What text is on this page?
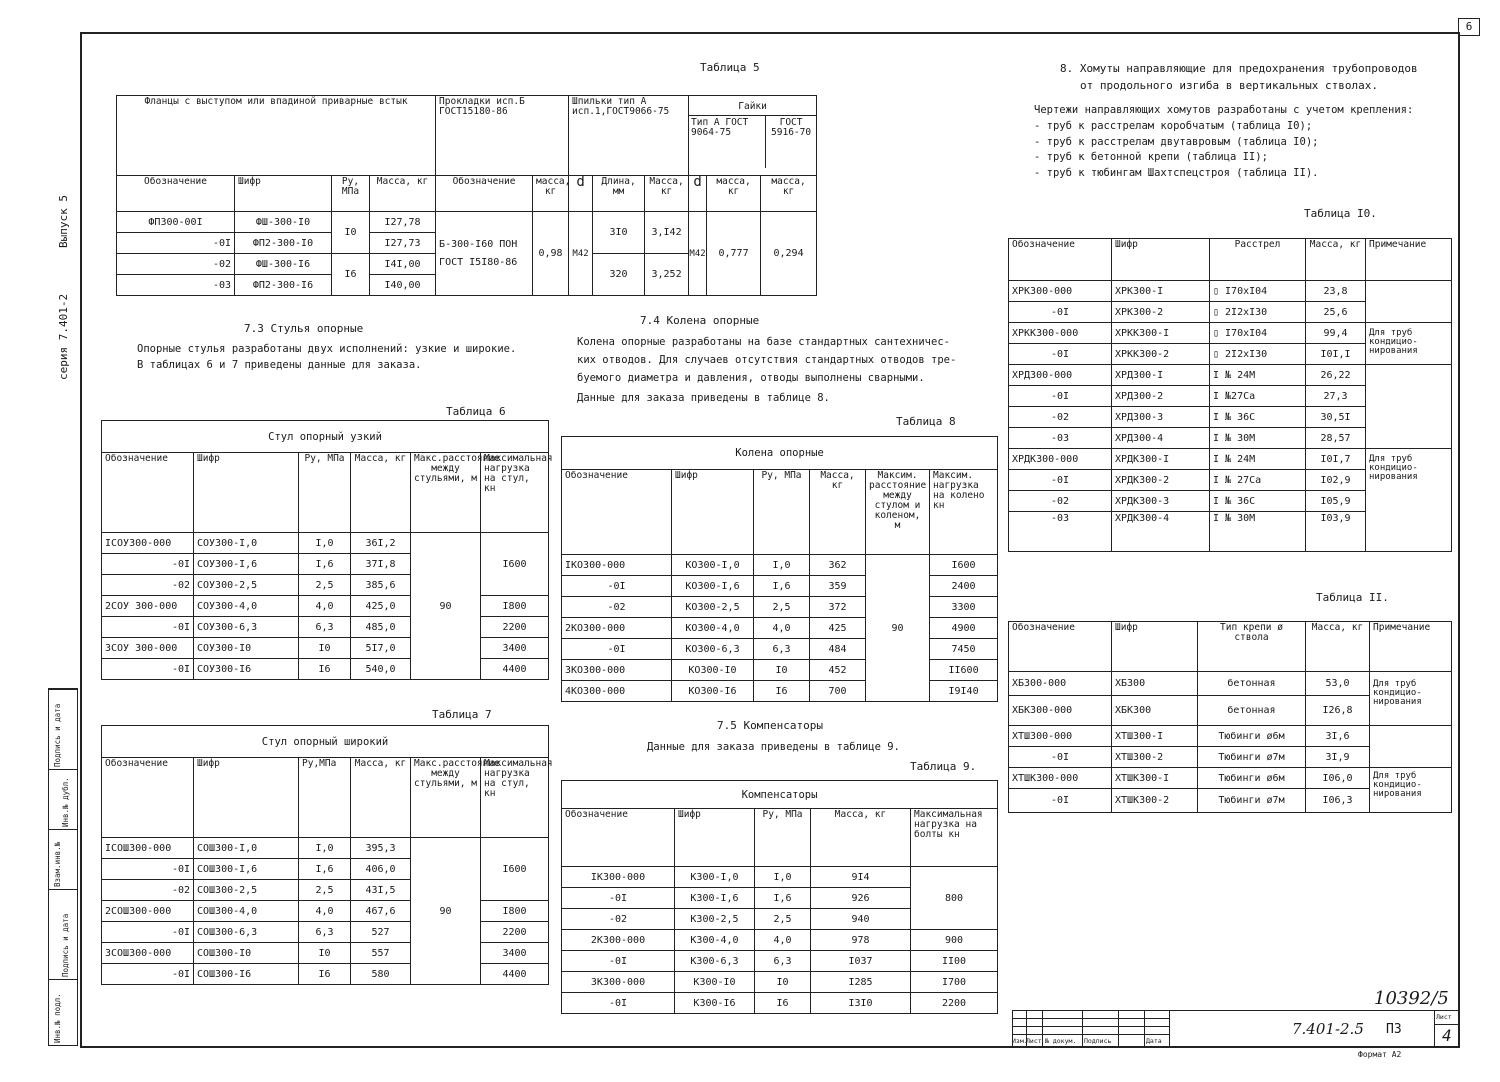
6
Выпуск 5
серия 7.401-2
Инв.№ подл.
Подпись и дата
Взам.инв.№
Инв.№ дубл.
Подпись и дата
Таблица 5
Фланцы с выступом или впадиной приварные встык				Прокладки исп.Б ГОСТ15180-86		Шпильки тип А исп.1,ГОСТ9066-75			Гайки
Тип А ГОСТ 9064-75
ГОСТ 5916-70		

Обозначение	Шифр	Ру, МПа	Масса, кг	Обозначение	масса, кг	d	Длина, мм	Масса, кг	d	масса, кг	масса, кг
ФП300-00I	ФШ-300-I0	I0	I27,78	Б-300-I60 ПОН ГОСТ I5I80-86	0,98	М42	3I0	3,I42	М42	0,777	0,294
-0I	ФП2-300-I0		I27,73								
-02	ФШ-300-I6	I6	I4I,00				320	3,252			
-03	ФП2-300-I6		I40,00								
7.3 Стулья опорные
Опорные стулья разработаны двух исполнений: узкие и широкие.
В таблицах 6 и 7 приведены данные для заказа.
Таблица 6
Стул опорный узкий					
Обозначение	Шифр	Ру, МПа	Масса, кг	Макс.расстояние между стульями, м	Максимальная нагрузка на стул, кн
IСОУ300-000	СОУ300-I,0	I,0	36I,2	90	I600
-0I	СОУ300-I,6	I,6	37I,8		
-02	СОУ300-2,5	2,5	385,6		
2СОУ 300-000	СОУ300-4,0	4,0	425,0		I800
-0I	СОУ300-6,3	6,3	485,0		2200
3СОУ 300-000	СОУ300-I0	I0	5I7,0		3400
-0I	СОУ300-I6	I6	540,0		4400
Таблица 7
Стул опорный широкий					
Обозначение	Шифр	Ру,МПа	Масса, кг	Макс.расстояние между стульями, м	Максимальная нагрузка на стул, кн
IСОШ300-000	СОШ300-I,0	I,0	395,3	90	I600
-0I	СОШ300-I,6	I,6	406,0		
-02	СОШ300-2,5	2,5	43I,5		
2СОШ300-000	СОШ300-4,0	4,0	467,6		I800
-0I	СОШ300-6,3	6,3	527		2200
3СОШ300-000	СОШ300-I0	I0	557		3400
-0I	СОШ300-I6	I6	580		4400
7.4 Колена опорные
Колена опорные разработаны на базе стандартных сантехничес-
ких отводов. Для случаев отсутствия стандартных отводов тре-
буемого диаметра и давления, отводы выполнены сварными.
Данные для заказа приведены в таблице 8.
Таблица 8
Колена опорные					
Обозначение	Шифр	Ру, МПа	Масса, кг	Максим. расстояние между стулом и коленом, м	Максим. нагрузка на колено кн
IКО300-000	КО300-I,0	I,0	362	90	I600
-0I	КО300-I,6	I,6	359		2400
-02	КО300-2,5	2,5	372		3300
2КО300-000	КО300-4,0	4,0	425		4900
-0I	КО300-6,3	6,3	484		7450
3КО300-000	КО300-I0	I0	452		II600
4КО300-000	КО300-I6	I6	700		I9I40
7.5 Компенсаторы
Данные для заказа приведены в таблице 9.
Таблица 9.
Компенсаторы				
Обозначение	Шифр	Ру, МПа	Масса, кг	Максимальная нагрузка на болты кн
IК300-000	К300-I,0	I,0	9I4	800
-0I	К300-I,6	I,6	926	
-02	К300-2,5	2,5	940	
2К300-000	К300-4,0	4,0	978	900
-0I	К300-6,3	6,3	I037	II00
3К300-000	К300-I0	I0	I285	I700
-0I	К300-I6	I6	I3I0	2200
8. Хомуты направляющие для предохранения трубопроводов
от продольного изгиба в вертикальных стволах.
Чертежи направляющих хомутов разработаны с учетом крепления:
- труб к расстрелам коробчатым (таблица I0);
- труб к расстрелам двутавровым (таблица I0);
- труб к бетонной крепи (таблица II);
- труб к тюбингам Шахтспецстроя (таблица II).
Таблица I0.
Обозначение	Шифр	Расстрел	Масса, кг	Примечание
ХРК300-000	ХРК300-I	▯ I70хI04	23,8	
-0I	ХРК300-2	▯ 2I2хI30	25,6	
ХРКК300-000	ХРКК300-I	▯ I70хI04	99,4	Для труб кондицио-нирования
-0I	ХРКК300-2	▯ 2I2хI30	I0I,I	
ХРД300-000	ХРД300-I	I № 24М	26,22	
-0I	ХРД300-2	I №27Са	27,3	
-02	ХРД300-3	I № 36С	30,5I	
-03	ХРД300-4	I № 30М	28,57	
ХРДК300-000	ХРДК300-I	I № 24М	I0I,7	Для труб кондицио-нирования
-0I	ХРДК300-2	I № 27Са	I02,9	
-02	ХРДК300-3	I № 36С	I05,9	
-03	ХРДК300-4	I № 30М	I03,9	
Таблица II.
Обозначение	Шифр	Тип крепи ø ствола	Масса, кг	Примечание
ХБ300-000	ХБ300	бетонная	53,0	Для труб кондицио-нирования
ХБК300-000	ХБК300	бетонная	I26,8	
ХТШ300-000	ХТШ300-I	Тюбинги ø6м	3I,6	
-0I	ХТШ300-2	Тюбинги ø7м	3I,9	
ХТШК300-000	ХТШК300-I	Тюбинги ø6м	I06,0	Для труб кондицио-нирования
-0I	ХТШК300-2	Тюбинги ø7м	I06,3	
10392/5
Изм.
Лист № докум. Подпись	Дата
Лист
4
7.401-2.5 ПЗ
Формат А2
